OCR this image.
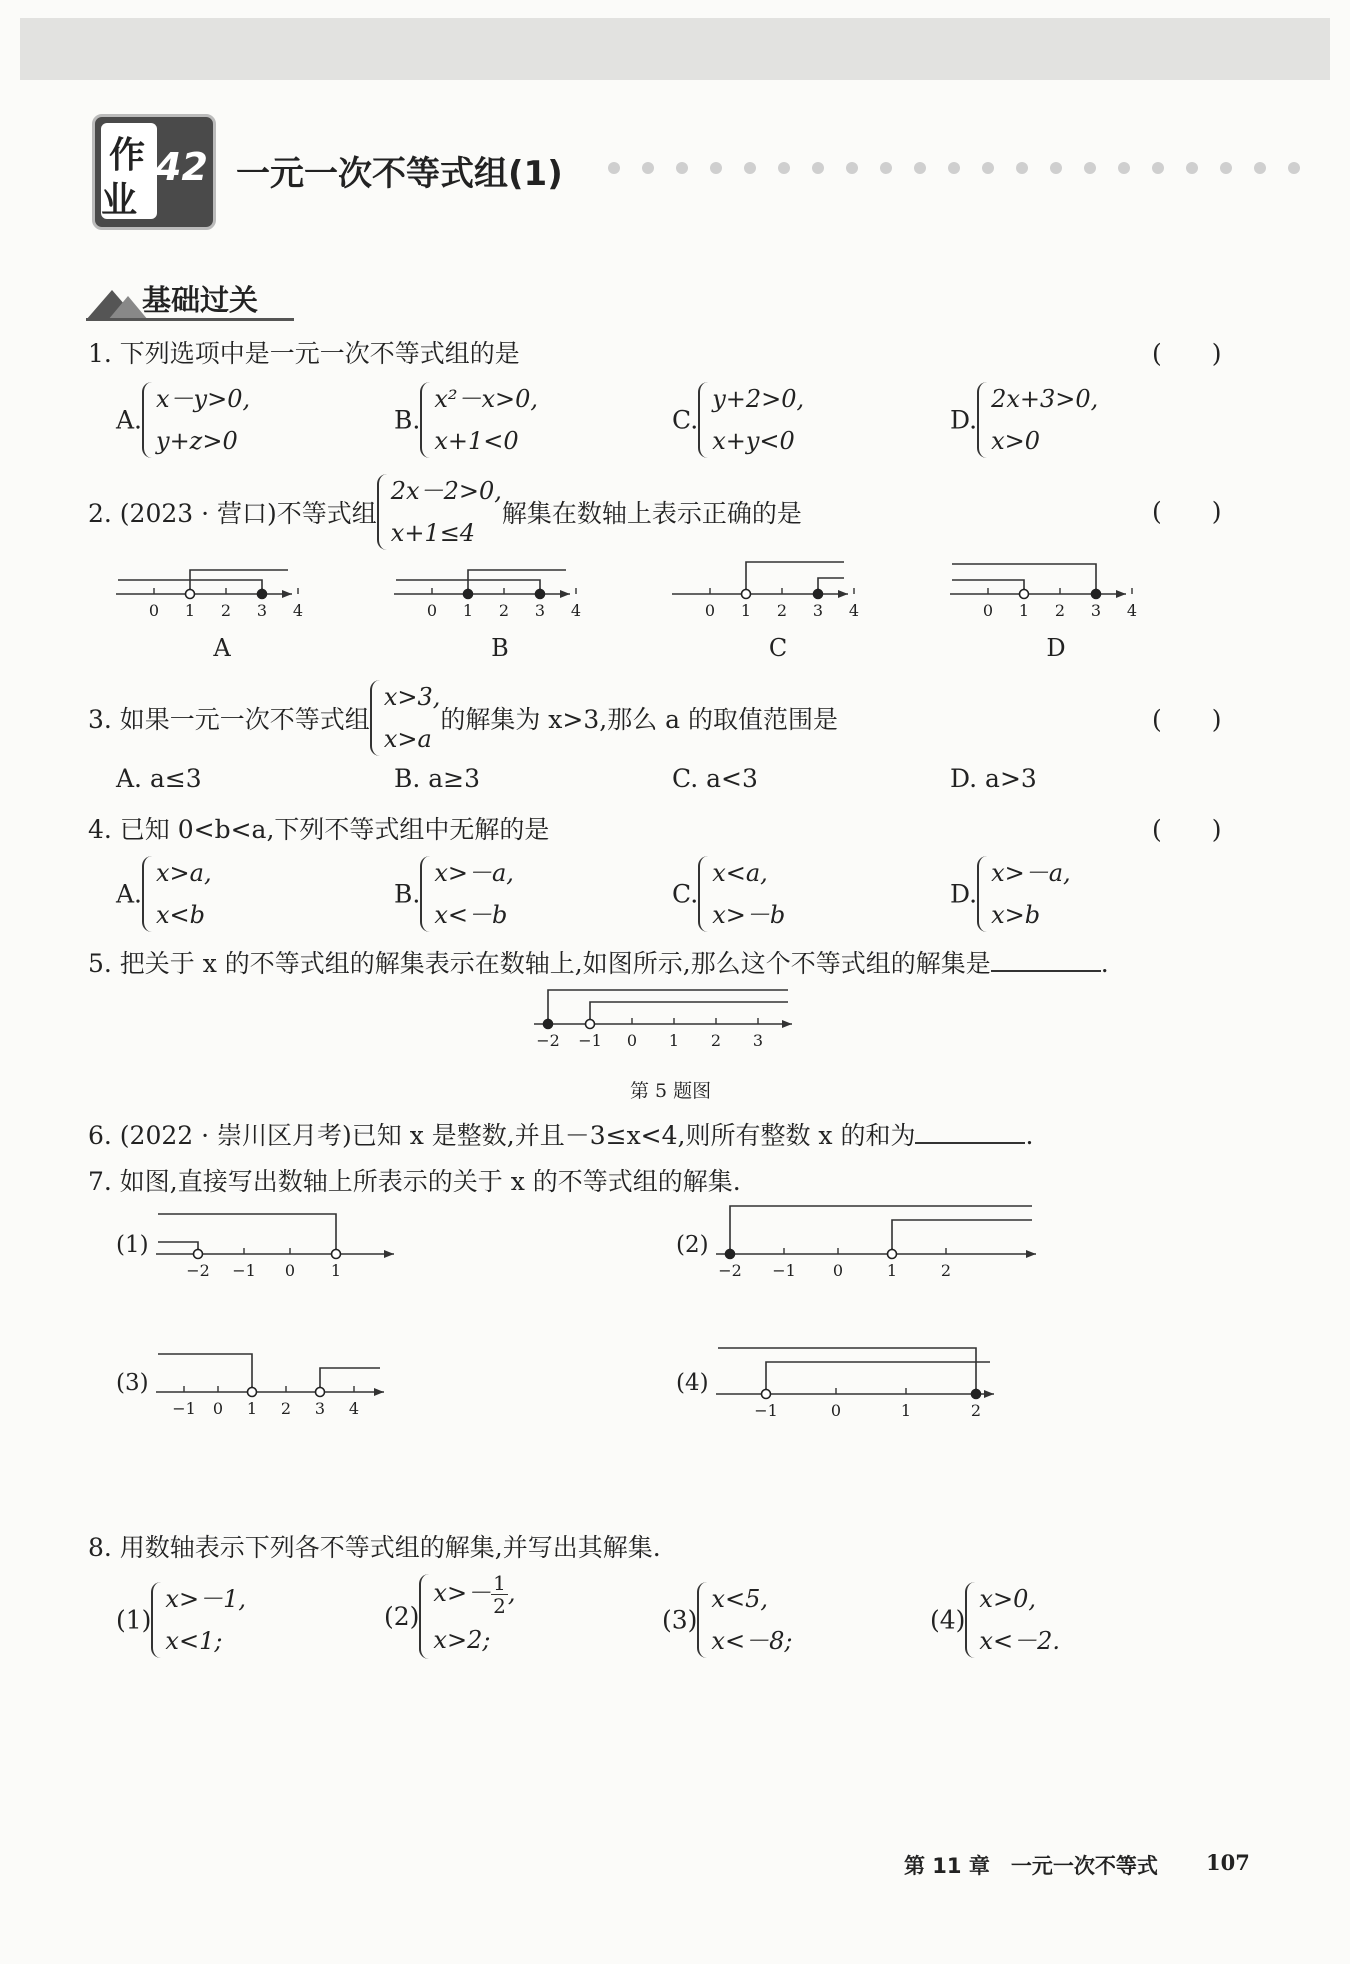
作
业
42 一元一次不等式组(1)
基础过关
1. 下列选项中是一元一次不等式组的是	(　　)
A.
x－y>0,
y+z>0
B.
x²－x>0,
x+1<0
C.
y+2>0,
x+y<0
D.
2x+3>0,
x>0
2. (2023 · 营口)不等式组
2x－2>0,
x+1≤4
解集在数轴上表示正确的是	(　　)
0 1 2 3 4
A
0 1 2 3 4
B
0 1 2 3 4
C
0 1 2 3 4
D
3. 如果一元一次不等式组
x>3,
x>a
的解集为 x>3,那么 a 的取值范围是	(　　)
A. a≤3	B. a≥3	C. a<3	D. a>3
4. 已知 0<b<a,下列不等式组中无解的是	(　　)
A.
x>a,
x<b
B.
x>－a,
x<－b
C.
x<a,
x>－b
D.
x>－a,
x>b
5. 把关于 x 的不等式组的解集表示在数轴上,如图所示,那么这个不等式组的解集是	.
−2 −1 0 1 2 3
第 5 题图
6. (2022 · 崇川区月考)已知 x 是整数,并且－3≤x<4,则所有整数 x 的和为	.
7. 如图,直接写出数轴上所表示的关于 x 的不等式组的解集.
(1)
−2 −1 0 1
(2)
−2 −1 0	1	2
(3)
−1 0 1 2 3 4
(4)
−1	0	1	2
8. 用数轴表示下列各不等式组的解集,并写出其解集.
(1)
x>－1,
x<1;
(2)
$x>- \frac{1}{2}$ ,
x>2;
(3)
x<5,
x<－8;
(4)
x>0,
x<－2.
第 11 章　一元一次不等式 107
